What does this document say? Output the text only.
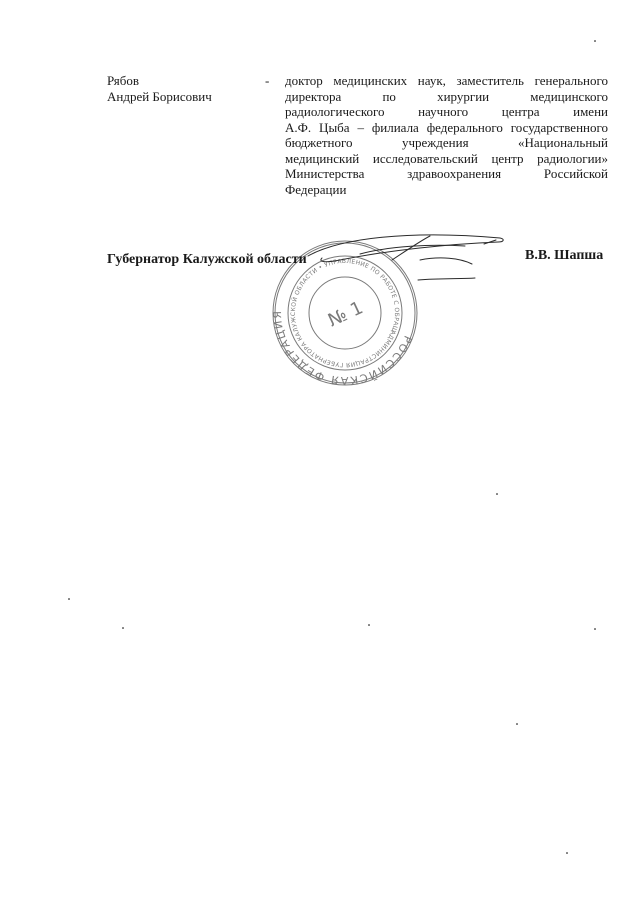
Рябов
Андрей Борисович
- доктор медицинских наук, заместитель генерального
директора по хирургии медицинского
радиологического научного центра имени
А.Ф. Цыба – филиала федерального государственного
бюджетного учреждения «Национальный
медицинский исследовательский центр радиологии»
Министерства здравоохранения Российской
Федерации

РОССИЙСКАЯ ФЕДЕРАЦИЯ
АДМИНИСТРАЦИЯ ГУБЕРНАТОРА КАЛУЖСКОЙ ОБЛАСТИ • УПРАВЛЕНИЕ ПО РАБОТЕ С ОБРАЩЕНИЯМИ
№ 1
Губернатор Калужской области	В.В. Шапша
